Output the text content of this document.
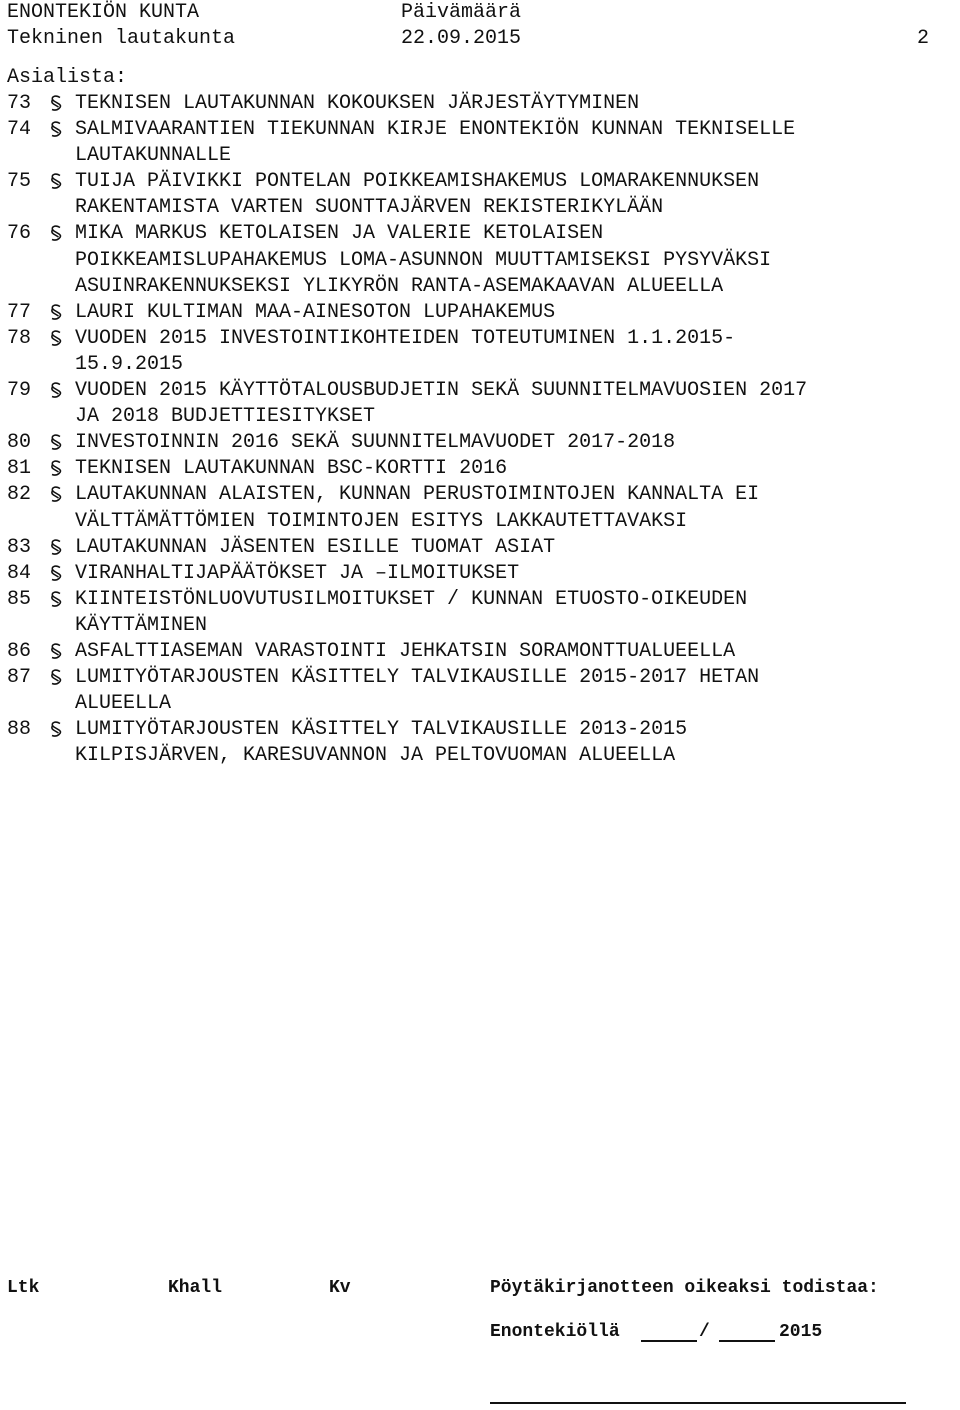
ENONTEKIÖN KUNTA	Päivämäärä
Tekninen lautakunta	22.09.2015	2
Asialista:
73 TEKNISEN LAUTAKUNNAN KOKOUKSEN JÄRJESTÄYTYMINEN
74 SALMIVAARANTIEN TIEKUNNAN KIRJE ENONTEKIÖN KUNNAN TEKNISELLE
LAUTAKUNNALLE
75 TUIJA PÄIVIKKI PONTELAN POIKKEAMISHAKEMUS LOMARAKENNUKSEN
RAKENTAMISTA VARTEN SUONTTAJÄRVEN REKISTERIKYLÄÄN
76 MIKA MARKUS KETOLAISEN JA VALERIE KETOLAISEN
POIKKEAMISLUPAHAKEMUS LOMA-ASUNNON MUUTTAMISEKSI PYSYVÄKSI
ASUINRAKENNUKSEKSI YLIKYRÖN RANTA-ASEMAKAAVAN ALUEELLA
77 LAURI KULTIMAN MAA-AINESOTON LUPAHAKEMUS
78 VUODEN 2015 INVESTOINTIKOHTEIDEN TOTEUTUMINEN 1.1.2015-
15.9.2015
79 VUODEN 2015 KÄYTTÖTALOUSBUDJETIN SEKÄ SUUNNITELMAVUOSIEN 2017
JA 2018 BUDJETTIESITYKSET
80 INVESTOINNIN 2016 SEKÄ SUUNNITELMAVUODET 2017-2018
81 TEKNISEN LAUTAKUNNAN BSC-KORTTI 2016
82 LAUTAKUNNAN ALAISTEN, KUNNAN PERUSTOIMINTOJEN KANNALTA EI
VÄLTTÄMÄTTÖMIEN TOIMINTOJEN ESITYS LAKKAUTETTAVAKSI
83 LAUTAKUNNAN JÄSENTEN ESILLE TUOMAT ASIAT
84 VIRANHALTIJAPÄÄTÖKSET JA –ILMOITUKSET
85 KIINTEISTÖNLUOVUTUSILMOITUKSET / KUNNAN ETUOSTO-OIKEUDEN
KÄYTTÄMINEN
86 ASFALTTIASEMAN VARASTOINTI JEHKATSIN SORAMONTTUALUEELLA
87 LUMITYÖTARJOUSTEN KÄSITTELY TALVIKAUSILLE 2015-2017 HETAN
ALUEELLA
88 LUMITYÖTARJOUSTEN KÄSITTELY TALVIKAUSILLE 2013-2015
KILPISJÄRVEN, KARESUVANNON JA PELTOVUOMAN ALUEELLA
Ltk	Khall	Kv	Pöytäkirjanotteen oikeaksi todistaa:
Enontekiöllä	/	2015
